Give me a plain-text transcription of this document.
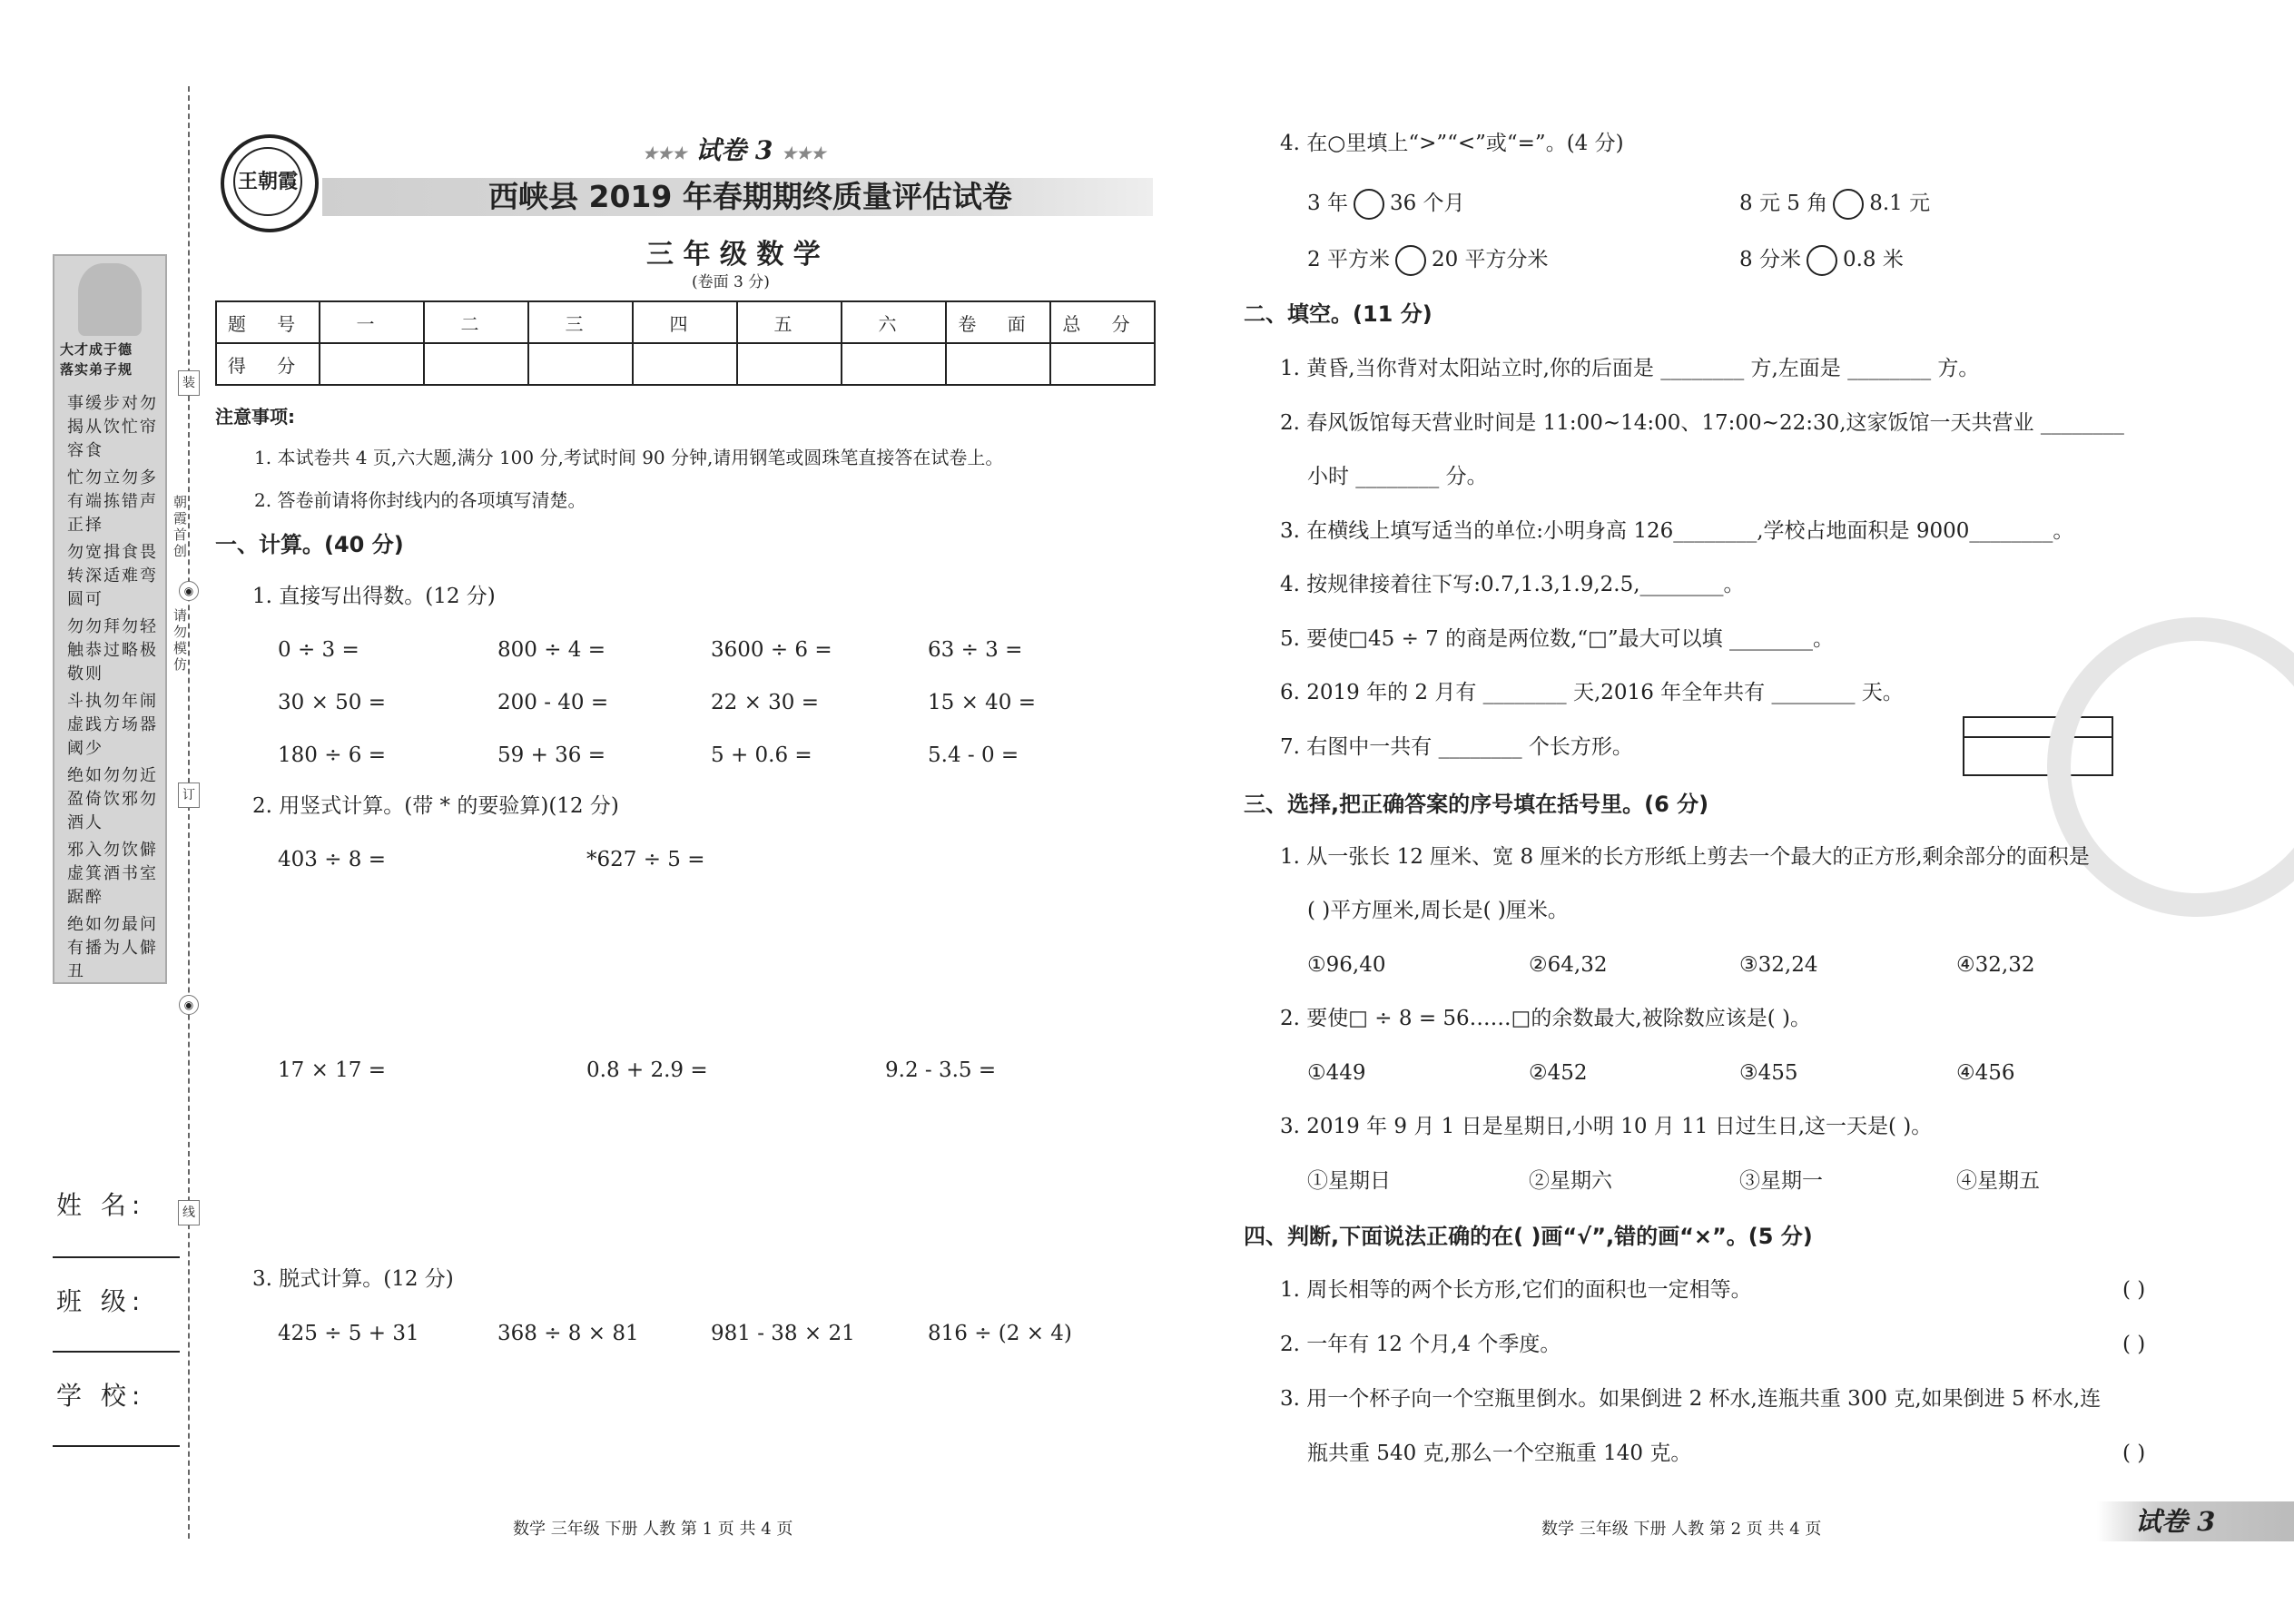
装
订
线
◉
◉
朝霞首创
请勿模仿
大才成于德
落实弟子规
事缓步对勿揭从饮忙帘容食
忙勿立勿多有端拣错声正择
勿宽揖食畏转深适难弯圆可
勿勿拜勿轻触恭过略极敬则
斗执勿年闹虚践方场器阈少
绝如勿勿近盈倚饮邪勿酒人
邪入勿饮僻虚箕酒书室踞醉
绝如勿最问有播为人僻丑
姓 名:
班 级:
学 校:
王朝霞
★★★ 试卷 3 ★★★
西峡县 2019 年春期期终质量评估试卷
三 年 级 数 学
(卷面 3 分)
题 号	一	二	三	四	五	六	卷 面	总 分
得 分								
注意事项:
1. 本试卷共 4 页,六大题,满分 100 分,考试时间 90 分钟,请用钢笔或圆珠笔直接答在试卷上。
2. 答卷前请将你封线内的各项填写清楚。
一、计算。(40 分)
1. 直接写出得数。(12 分)
0 ÷ 3 =	800 ÷ 4 =	3600 ÷ 6 =	63 ÷ 3 =
30 × 50 =	200 - 40 =	22 × 30 =	15 × 40 =
180 ÷ 6 =	59 + 36 =	5 + 0.6 =	5.4 - 0 =
2. 用竖式计算。(带 * 的要验算)(12 分)
403 ÷ 8 =	*627 ÷ 5 =
17 × 17 =	0.8 + 2.9 =	9.2 - 3.5 =
3. 脱式计算。(12 分)
425 ÷ 5 + 31	368 ÷ 8 × 81	981 - 38 × 21	816 ÷ (2 × 4)
数学 三年级 下册 人教 第 1 页 共 4 页
4. 在○里填上“>”“<”或“=”。(4 分)
3 年 36 个月	8 元 5 角 8.1 元
2 平方米 20 平方分米	8 分米 0.8 米
二、填空。(11 分)
1. 黄昏,当你背对太阳站立时,你的后面是 ________ 方,左面是 ________ 方。
2. 春风饭馆每天营业时间是 11:00~14:00、17:00~22:30,这家饭馆一天共营业 ________
小时 ________ 分。
3. 在横线上填写适当的单位:小明身高 126________,学校占地面积是 9000________。
4. 按规律接着往下写:0.7,1.3,1.9,2.5,________。
5. 要使□45 ÷ 7 的商是两位数,“□”最大可以填 ________。
6. 2019 年的 2 月有 ________ 天,2016 年全年共有 ________ 天。
7. 右图中一共有 ________ 个长方形。
三、选择,把正确答案的序号填在括号里。(6 分)
1. 从一张长 12 厘米、宽 8 厘米的长方形纸上剪去一个最大的正方形,剩余部分的面积是
( )平方厘米,周长是( )厘米。
①96,40	②64,32	③32,24	④32,32
2. 要使□ ÷ 8 = 56……□的余数最大,被除数应该是( )。
①449	②452	③455	④456
3. 2019 年 9 月 1 日是星期日,小明 10 月 11 日过生日,这一天是( )。
①星期日	②星期六	③星期一	④星期五
四、判断,下面说法正确的在( )画“√”,错的画“×”。(5 分)
1. 周长相等的两个长方形,它们的面积也一定相等。	( )
2. 一年有 12 个月,4 个季度。	( )
3. 用一个杯子向一个空瓶里倒水。如果倒进 2 杯水,连瓶共重 300 克,如果倒进 5 杯水,连
瓶共重 540 克,那么一个空瓶重 140 克。	( )
数学 三年级 下册 人教 第 2 页 共 4 页	试卷 3
